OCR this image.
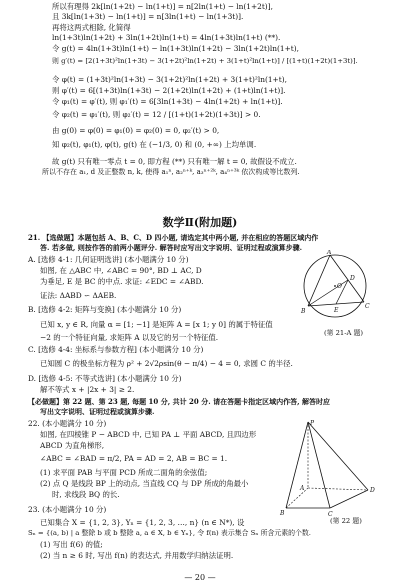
所以有理得 2k[ln(1+2t) − ln(1+t)] = n[2ln(1+t) − ln(1+2t)],
且 3k[ln(1+3t) − ln(1+t)] = n[3ln(1+t) − ln(1+3t)].
再将这两式相除, 化简得
ln(1+3t)ln(1+2t) + 3ln(1+2t)ln(1+t) = 4ln(1+3t)ln(1+t) (**).
令 g(t) = 4ln(1+3t)ln(1+t) − ln(1+3t)ln(1+2t) − 3ln(1+2t)ln(1+t),
则 g′(t) = [2(1+3t)²ln(1+3t) − 3(1+2t)²ln(1+2t) + 3(1+t)²ln(1+t)] / [(1+t)(1+2t)(1+3t)].
令 φ(t) = (1+3t)²ln(1+3t) − 3(1+2t)²ln(1+2t) + 3(1+t)²ln(1+t),
则 φ′(t) = 6[(1+3t)ln(1+3t) − 2(1+2t)ln(1+2t) + (1+t)ln(1+t)].
令 φ₁(t) = φ′(t), 则 φ₁′(t) = 6[3ln(1+3t) − 4ln(1+2t) + ln(1+t)].
令 φ₂(t) = φ₁′(t), 则 φ₂′(t) = 12 / [(1+t)(1+2t)(1+3t)] > 0.
由 g(0) = φ(0) = φ₁(0) = φ₂(0) = 0, φ₂′(t) > 0,
知 φ₂(t), φ₁(t), φ(t), g(t) 在 (−1/3, 0) 和 (0, +∞) 上均单调.
故 g(t) 只有唯一零点 t = 0, 即方程 (**) 只有唯一解 t = 0, 故假设不成立.
所以不存在 a₁, d 及正整数 n, k, 使得 a₁ⁿ, a₂ⁿ⁺ᵏ, a₃ⁿ⁺²ᵏ, a₄ⁿ⁺³ᵏ 依次构成等比数列.
数学Ⅱ(附加题)
21. 【选做题】本题包括 A、B、C、D 四小题, 请选定其中两小题, 并在相应的答题区域内作
答. 若多做, 则按作答的前两小题评分. 解答时应写出文字说明、证明过程或演算步骤.
A. [选修 4-1: 几何证明选讲] (本小题满分 10 分)
如图, 在 △ABC 中, ∠ABC = 90°, BD ⊥ AC, D
为垂足, E 是 BC 的中点. 求证: ∠EDC = ∠ABD.
证法: ΔABD ∽ ΔAEB.
B. [选修 4-2: 矩阵与变换] (本小题满分 10 分)
已知 x, y ∈ R, 向量 α = [1; −1] 是矩阵 A = [x 1; y 0] 的属于特征值
−2 的一个特征向量, 求矩阵 A 以及它的另一个特征值.
C. [选修 4-4: 坐标系与参数方程] (本小题满分 10 分)
已知圆 C 的极坐标方程为 ρ² + 2√2ρsin(θ − π/4) − 4 = 0, 求圆 C 的半径.
D. [选修 4-5: 不等式选讲] (本小题满分 10 分)
解不等式 x + |2x + 3| ≥ 2.
【必做题】第 22 题、第 23 题, 每题 10 分, 共计 20 分. 请在答题卡指定区域内作答, 解答时应
写出文字说明、证明过程或演算步骤.
22. (本小题满分 10 分)
如图, 在四棱锥 P − ABCD 中, 已知 PA ⊥ 平面 ABCD, 且四边形
ABCD 为直角梯形,
∠ABC = ∠BAD = π/2, PA = AD = 2, AB = BC = 1.
(1) 求平面 PAB 与平面 PCD 所成二面角的余弦值;
(2) 点 Q 是线段 BP 上的动点, 当直线 CQ 与 DP 所成的角最小
时, 求线段 BQ 的长.
23. (本小题满分 10 分)
已知集合 X = {1, 2, 3}, Yₙ = {1, 2, 3, …, n} (n ∈ N*), 设
Sₙ = {(a, b) | a 整除 b 或 b 整除 a, a ∈ X, b ∈ Yₙ}, 令 f(n) 表示集合 Sₙ 所含元素的个数.
(1) 写出 f(6) 的值;
(2) 当 n ≥ 6 时, 写出 f(n) 的表达式, 并用数学归纳法证明.
A
B
C
D
E
O
(第 21-A 题)
P
A
B	C
D
(第 22 题)
— 20 —
